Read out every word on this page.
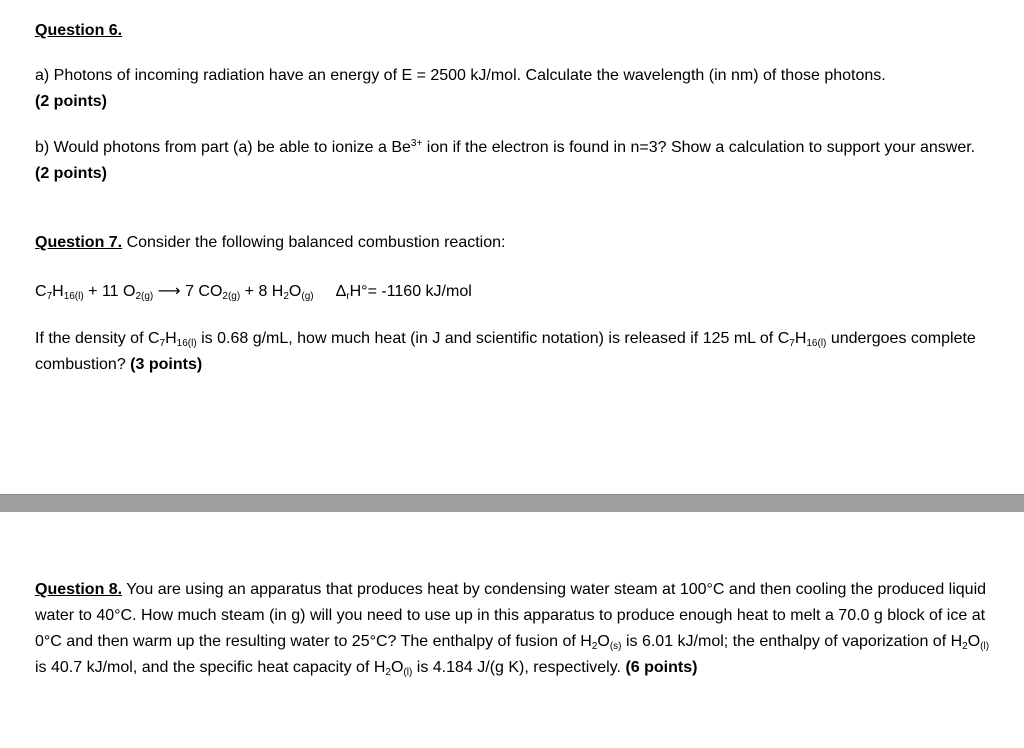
Question 6.
a) Photons of incoming radiation have an energy of E = 2500 kJ/mol. Calculate the wavelength (in nm) of those photons.
(2 points)
b) Would photons from part (a) be able to ionize a $Be^{3+}$ ion if the electron is found in n=3? Show a calculation to support your answer. (2 points)
Question 7. Consider the following balanced combustion reaction:
$C_7H_{16(l)} + 11$ $O_{2(g)}$ ⟶ 7 $CO_{2(g)} + 8$ $H_2O_{(g)}$ $\Delta_rH^\circ= -1160$ kJ/mol
If the density of $C_7H_{16(l)}$ is 0.68 g/mL, how much heat (in J and scientific notation) is released if 125 mL of $C_7H_{16(l)}$ undergoes complete combustion? (3 points)
Question 8. You are using an apparatus that produces heat by condensing water steam at 100°C and then cooling the produced liquid water to 40°C. How much steam (in g) will you need to use up in this apparatus to produce enough heat to melt a 70.0 g block of ice at 0°C and then warm up the resulting water to 25°C? The enthalpy of fusion of $H_2O_{(s)}$ is 6.01 kJ/mol; the enthalpy of vaporization of $H_2O_{(l)}$ is 40.7 kJ/mol, and the specific heat capacity of $H_2O_{(l)}$ is 4.184 J/(g K), respectively. (6 points)
